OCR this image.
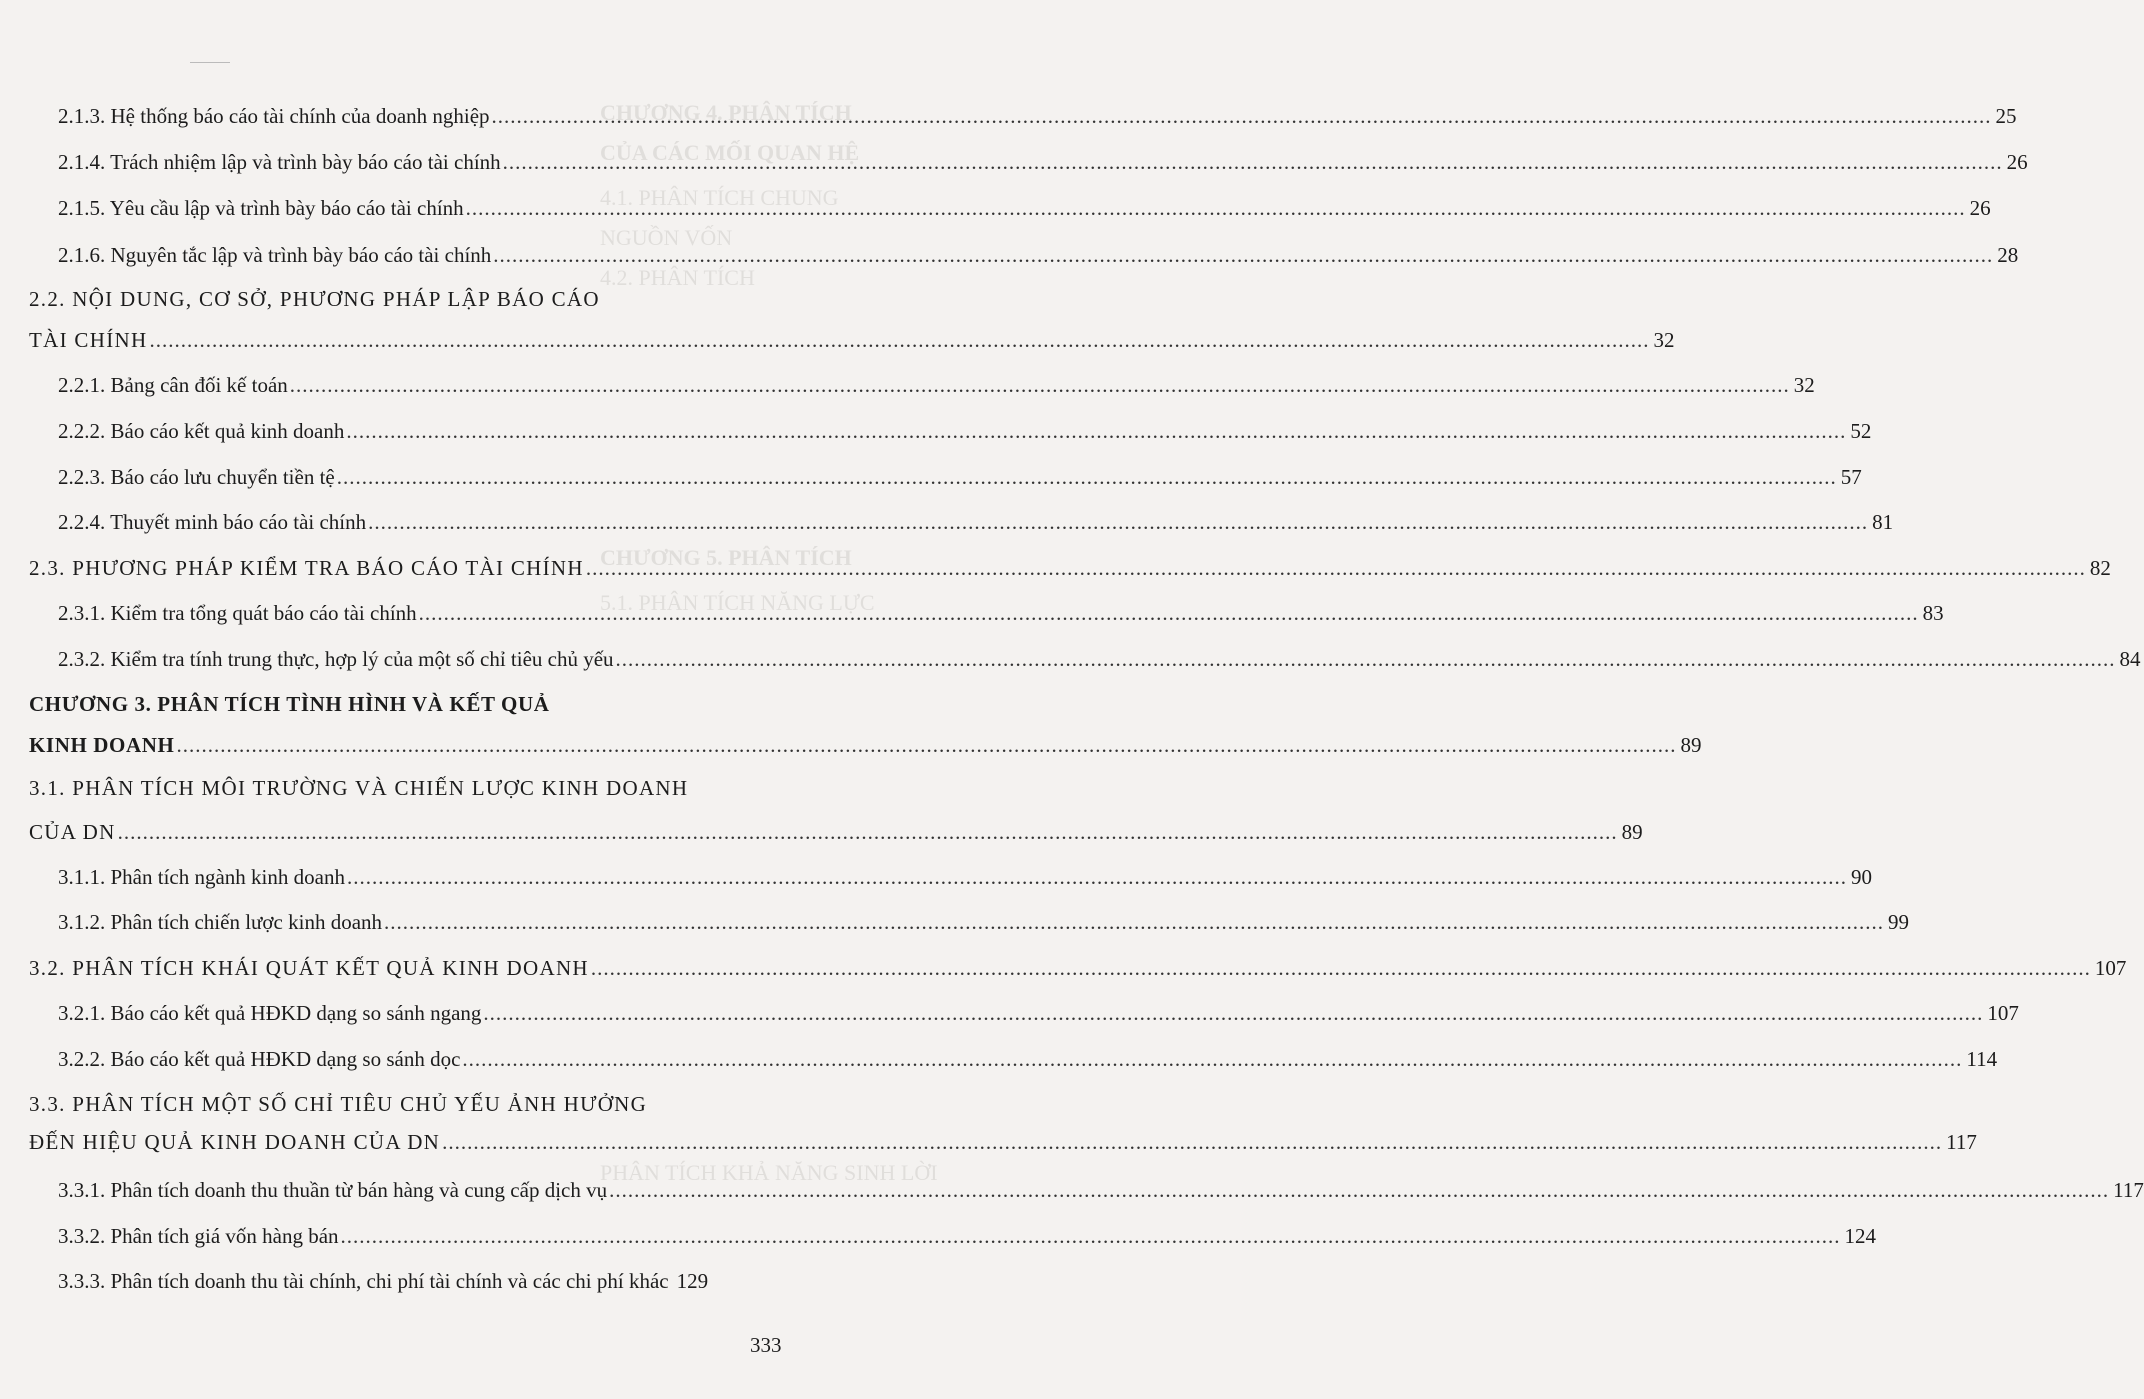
CHƯƠNG 4. PHÂN TÍCH
CỦA CÁC MỐI QUAN HỆ
4.1. PHÂN TÍCH CHUNG
NGUỒN VỐN
4.2. PHÂN TÍCH
CHƯƠNG 5. PHÂN TÍCH
5.1. PHÂN TÍCH NĂNG LỰC
PHÂN TÍCH KHẢ NĂNG SINH LỜI
2.1.3. Hệ thống báo cáo tài chính của doanh nghiệp .....	25
2.1.4. Trách nhiệm lập và trình bày báo cáo tài chính .....	26
2.1.5. Yêu cầu lập và trình bày báo cáo tài chính .....	26
2.1.6. Nguyên tắc lập và trình bày báo cáo tài chính .....	28
2.2. NỘI DUNG, CƠ SỞ, PHƯƠNG PHÁP LẬP BÁO CÁO
TÀI CHÍNH .....	32
2.2.1. Bảng cân đối kế toán .....	32
2.2.2. Báo cáo kết quả kinh doanh .....	52
2.2.3. Báo cáo lưu chuyển tiền tệ .....	57
2.2.4. Thuyết minh báo cáo tài chính .....	81
2.3. PHƯƠNG PHÁP KIỂM TRA BÁO CÁO TÀI CHÍNH .....	82
2.3.1. Kiểm tra tổng quát báo cáo tài chính .....	83
2.3.2. Kiểm tra tính trung thực, hợp lý của một số chỉ tiêu chủ yếu .....	84
CHƯƠNG 3. PHÂN TÍCH TÌNH HÌNH VÀ KẾT QUẢ
KINH DOANH .....	89
3.1. PHÂN TÍCH MÔI TRƯỜNG VÀ CHIẾN LƯỢC KINH DOANH
CỦA DN .....	89
3.1.1. Phân tích ngành kinh doanh .....	90
3.1.2. Phân tích chiến lược kinh doanh .....	99
3.2. PHÂN TÍCH KHÁI QUÁT KẾT QUẢ KINH DOANH .....	107
3.2.1. Báo cáo kết quả HĐKD dạng so sánh ngang .....	107
3.2.2. Báo cáo kết quả HĐKD dạng so sánh dọc .....	114
3.3. PHÂN TÍCH MỘT SỐ CHỈ TIÊU CHỦ YẾU ẢNH HƯỞNG
ĐẾN HIỆU QUẢ KINH DOANH CỦA DN .....	117
3.3.1. Phân tích doanh thu thuần từ bán hàng và cung cấp dịch vụ .....	117
3.3.2. Phân tích giá vốn hàng bán .....	124
3.3.3. Phân tích doanh thu tài chính, chi phí tài chính và các chi phí khác 129
333
